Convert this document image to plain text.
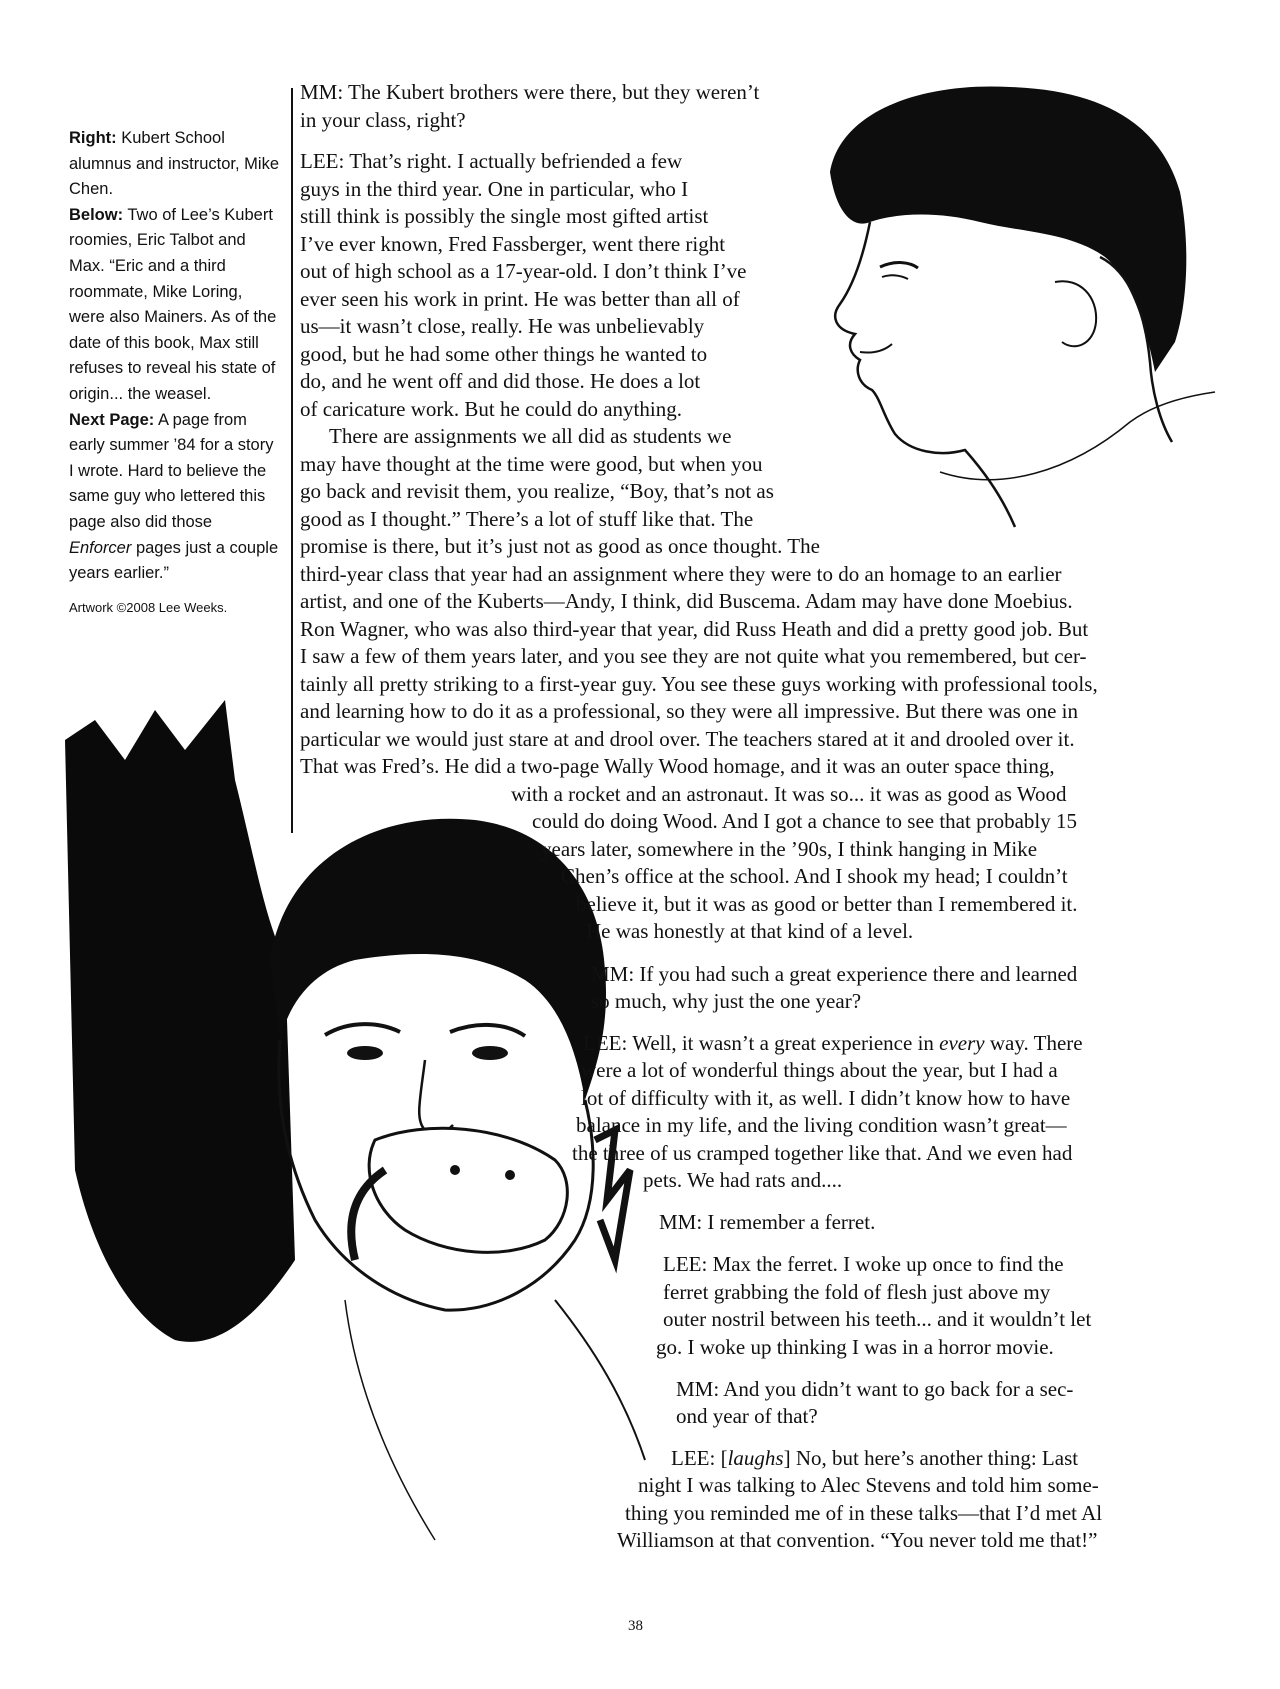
Right: Kubert School alumnus and instructor, Mike Chen.
Below: Two of Lee’s Kubert roomies, Eric Talbot and Max. “Eric and a third roommate, Mike Loring, were also Mainers. As of the date of this book, Max still refuses to reveal his state of origin... the weasel.
Next Page: A page from early summer ’84 for a story I wrote. Hard to believe the same guy who lettered this page also did those Enforcer pages just a couple years earlier.”
Artwork ©2008 Lee Weeks.
MM: The Kubert brothers were there, but they weren’t
in your class, right?
LEE: That’s right. I actually befriended a few
guys in the third year. One in particular, who I
still think is possibly the single most gifted artist
I’ve ever known, Fred Fassberger, went there right
out of high school as a 17-year-old. I don’t think I’ve
ever seen his work in print. He was better than all of
us—it wasn’t close, really. He was unbelievably
good, but he had some other things he wanted to
do, and he went off and did those. He does a lot
of caricature work. But he could do anything.
There are assignments we all did as students we
may have thought at the time were good, but when you
go back and revisit them, you realize, “Boy, that’s not as
good as I thought.” There’s a lot of stuff like that. The
promise is there, but it’s just not as good as once thought. The
third-year class that year had an assignment where they were to do an homage to an earlier
artist, and one of the Kuberts—Andy, I think, did Buscema. Adam may have done Moebius.
Ron Wagner, who was also third-year that year, did Russ Heath and did a pretty good job. But
I saw a few of them years later, and you see they are not quite what you remembered, but cer-
tainly all pretty striking to a first-year guy. You see these guys working with professional tools,
and learning how to do it as a professional, so they were all impressive. But there was one in
particular we would just stare at and drool over. The teachers stared at it and drooled over it.
That was Fred’s. He did a two-page Wally Wood homage, and it was an outer space thing,
with a rocket and an astronaut. It was so... it was as good as Wood
could do doing Wood. And I got a chance to see that probably 15
years later, somewhere in the ’90s, I think hanging in Mike
Chen’s office at the school. And I shook my head; I couldn’t
believe it, but it was as good or better than I remembered it.
He was honestly at that kind of a level.
MM: If you had such a great experience there and learned
so much, why just the one year?
LEE: Well, it wasn’t a great experience in every way. There
were a lot of wonderful things about the year, but I had a
lot of difficulty with it, as well. I didn’t know how to have
balance in my life, and the living condition wasn’t great—
the three of us cramped together like that. And we even had
pets. We had rats and....
MM: I remember a ferret.
LEE: Max the ferret. I woke up once to find the
ferret grabbing the fold of flesh just above my
outer nostril between his teeth... and it wouldn’t let
go. I woke up thinking I was in a horror movie.
MM: And you didn’t want to go back for a sec-
ond year of that?
LEE: [laughs] No, but here’s another thing: Last
night I was talking to Alec Stevens and told him some-
thing you reminded me of in these talks—that I’d met Al
Williamson at that convention. “You never told me that!”
38
